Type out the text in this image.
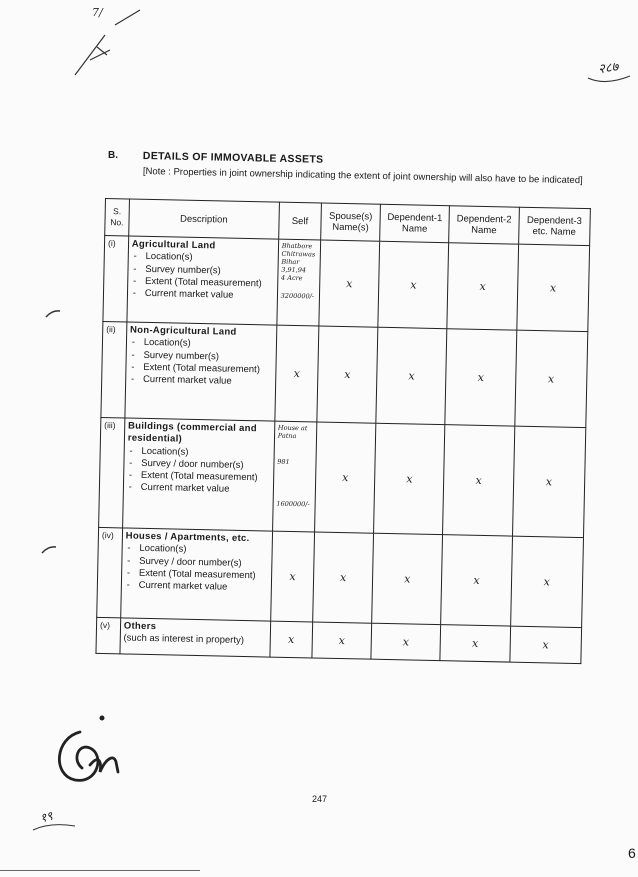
7/
२८७
B. DETAILS OF IMMOVABLE ASSETS
[Note : Properties in joint ownership indicating the extent of joint ownership will also have to be indicated]
S. No.	Description	Self	Spouse(s) Name(s)	Dependent-1 Name	Dependent-2 Name	Dependent-3 etc. Name
(i)	Agricultural Land
- Location(s)
- Survey number(s)
- Extent (Total measurement)
- Current market value	Bhatbore Chitrawas Bihar
3,91,94
4 Acre
3200000/-	x	x	x	x
(ii)	Non-Agricultural Land
- Location(s)
- Survey number(s)
- Extent (Total measurement)
- Current market value	x	x	x	x	x
(iii)	Buildings (commercial and residential)
- Location(s)
- Survey / door number(s)
- Extent (Total measurement)
- Current market value	House at Patna
981
1600000/-	x	x	x	x
(iv)	Houses / Apartments, etc.
- Location(s)
- Survey / door number(s)
- Extent (Total measurement)
- Current market value	x	x	x	x	x
(v)	Others
(such as interest in property)	x	x	x	x	x
१९
247
6
